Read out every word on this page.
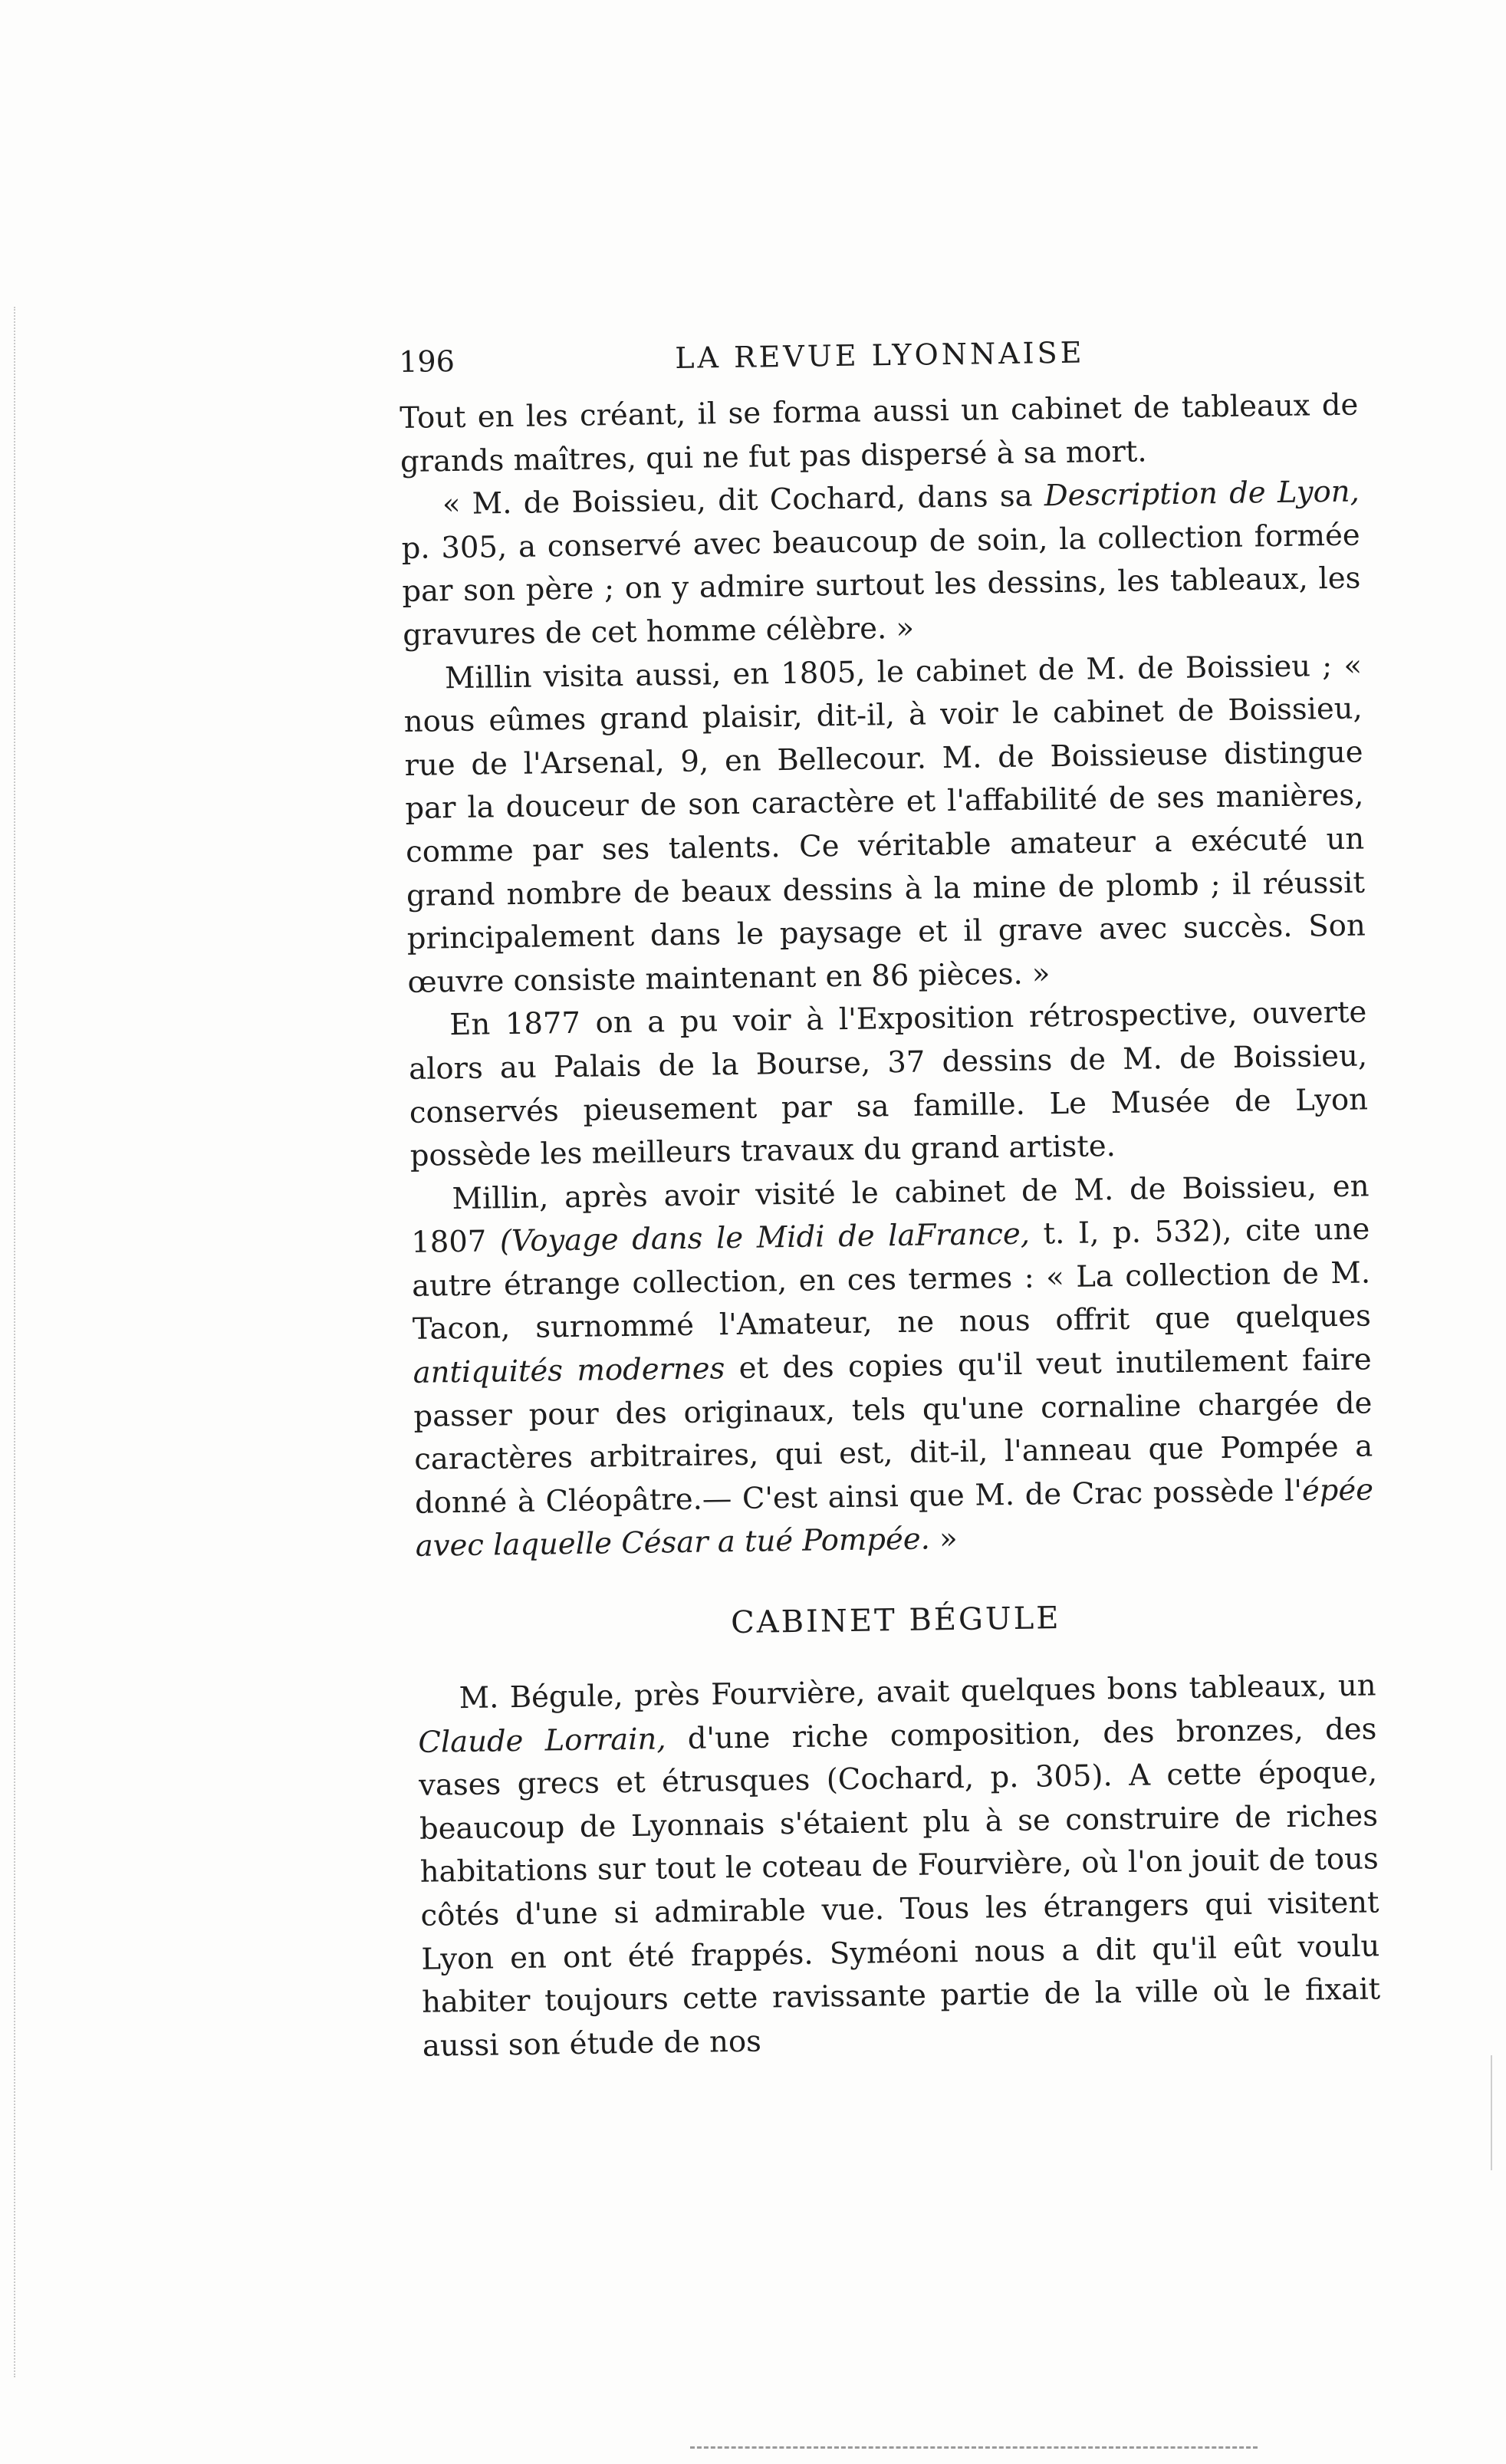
196	LA REVUE LYONNAISE

Tout en les créant, il se forma aussi un cabinet de tableaux de grands maîtres, qui ne fut pas dispersé à sa mort.

« M. de Boissieu, dit Cochard, dans sa Description de Lyon, p. 305, a conservé avec beaucoup de soin, la collection formée par son père ; on y admire surtout les dessins, les tableaux, les gravures de cet homme célèbre. »

Millin visita aussi, en 1805, le cabinet de M. de Boissieu ; « nous eûmes grand plaisir, dit-il, à voir le cabinet de Boissieu, rue de l'Arsenal, 9, en Bellecour. M. de Boissieuse distingue par la douceur de son caractère et l'affabilité de ses manières, comme par ses talents. Ce véritable amateur a exécuté un grand nombre de beaux dessins à la mine de plomb ; il réussit principalement dans le paysage et il grave avec succès. Son œuvre consiste maintenant en 86 pièces. »

En 1877 on a pu voir à l'Exposition rétrospective, ouverte alors au Palais de la Bourse, 37 dessins de M. de Boissieu, conservés pieusement par sa famille. Le Musée de Lyon possède les meilleurs travaux du grand artiste.

Millin, après avoir visité le cabinet de M. de Boissieu, en 1807 (Voyage dans le Midi de laFrance, t. I, p. 532), cite une autre étrange collection, en ces termes : « La collection de M. Tacon, surnommé l'Amateur, ne nous offrit que quelques antiquités modernes et des copies qu'il veut inutilement faire passer pour des originaux, tels qu'une cornaline chargée de caractères arbitraires, qui est, dit-il, l'anneau que Pompée a donné à Cléopâtre.— C'est ainsi que M. de Crac possède l'épée avec laquelle César a tué Pompée. »

CABINET BÉGULE

M. Bégule, près Fourvière, avait quelques bons tableaux, un Claude Lorrain, d'une riche composition, des bronzes, des vases grecs et étrusques (Cochard, p. 305). A cette époque, beaucoup de Lyonnais s'étaient plu à se construire de riches habitations sur tout le coteau de Fourvière, où l'on jouit de tous côtés d'une si admirable vue. Tous les étrangers qui visitent Lyon en ont été frappés. Syméoni nous a dit qu'il eût voulu habiter toujours cette ravissante partie de la ville où le fixait aussi son étude de nos
